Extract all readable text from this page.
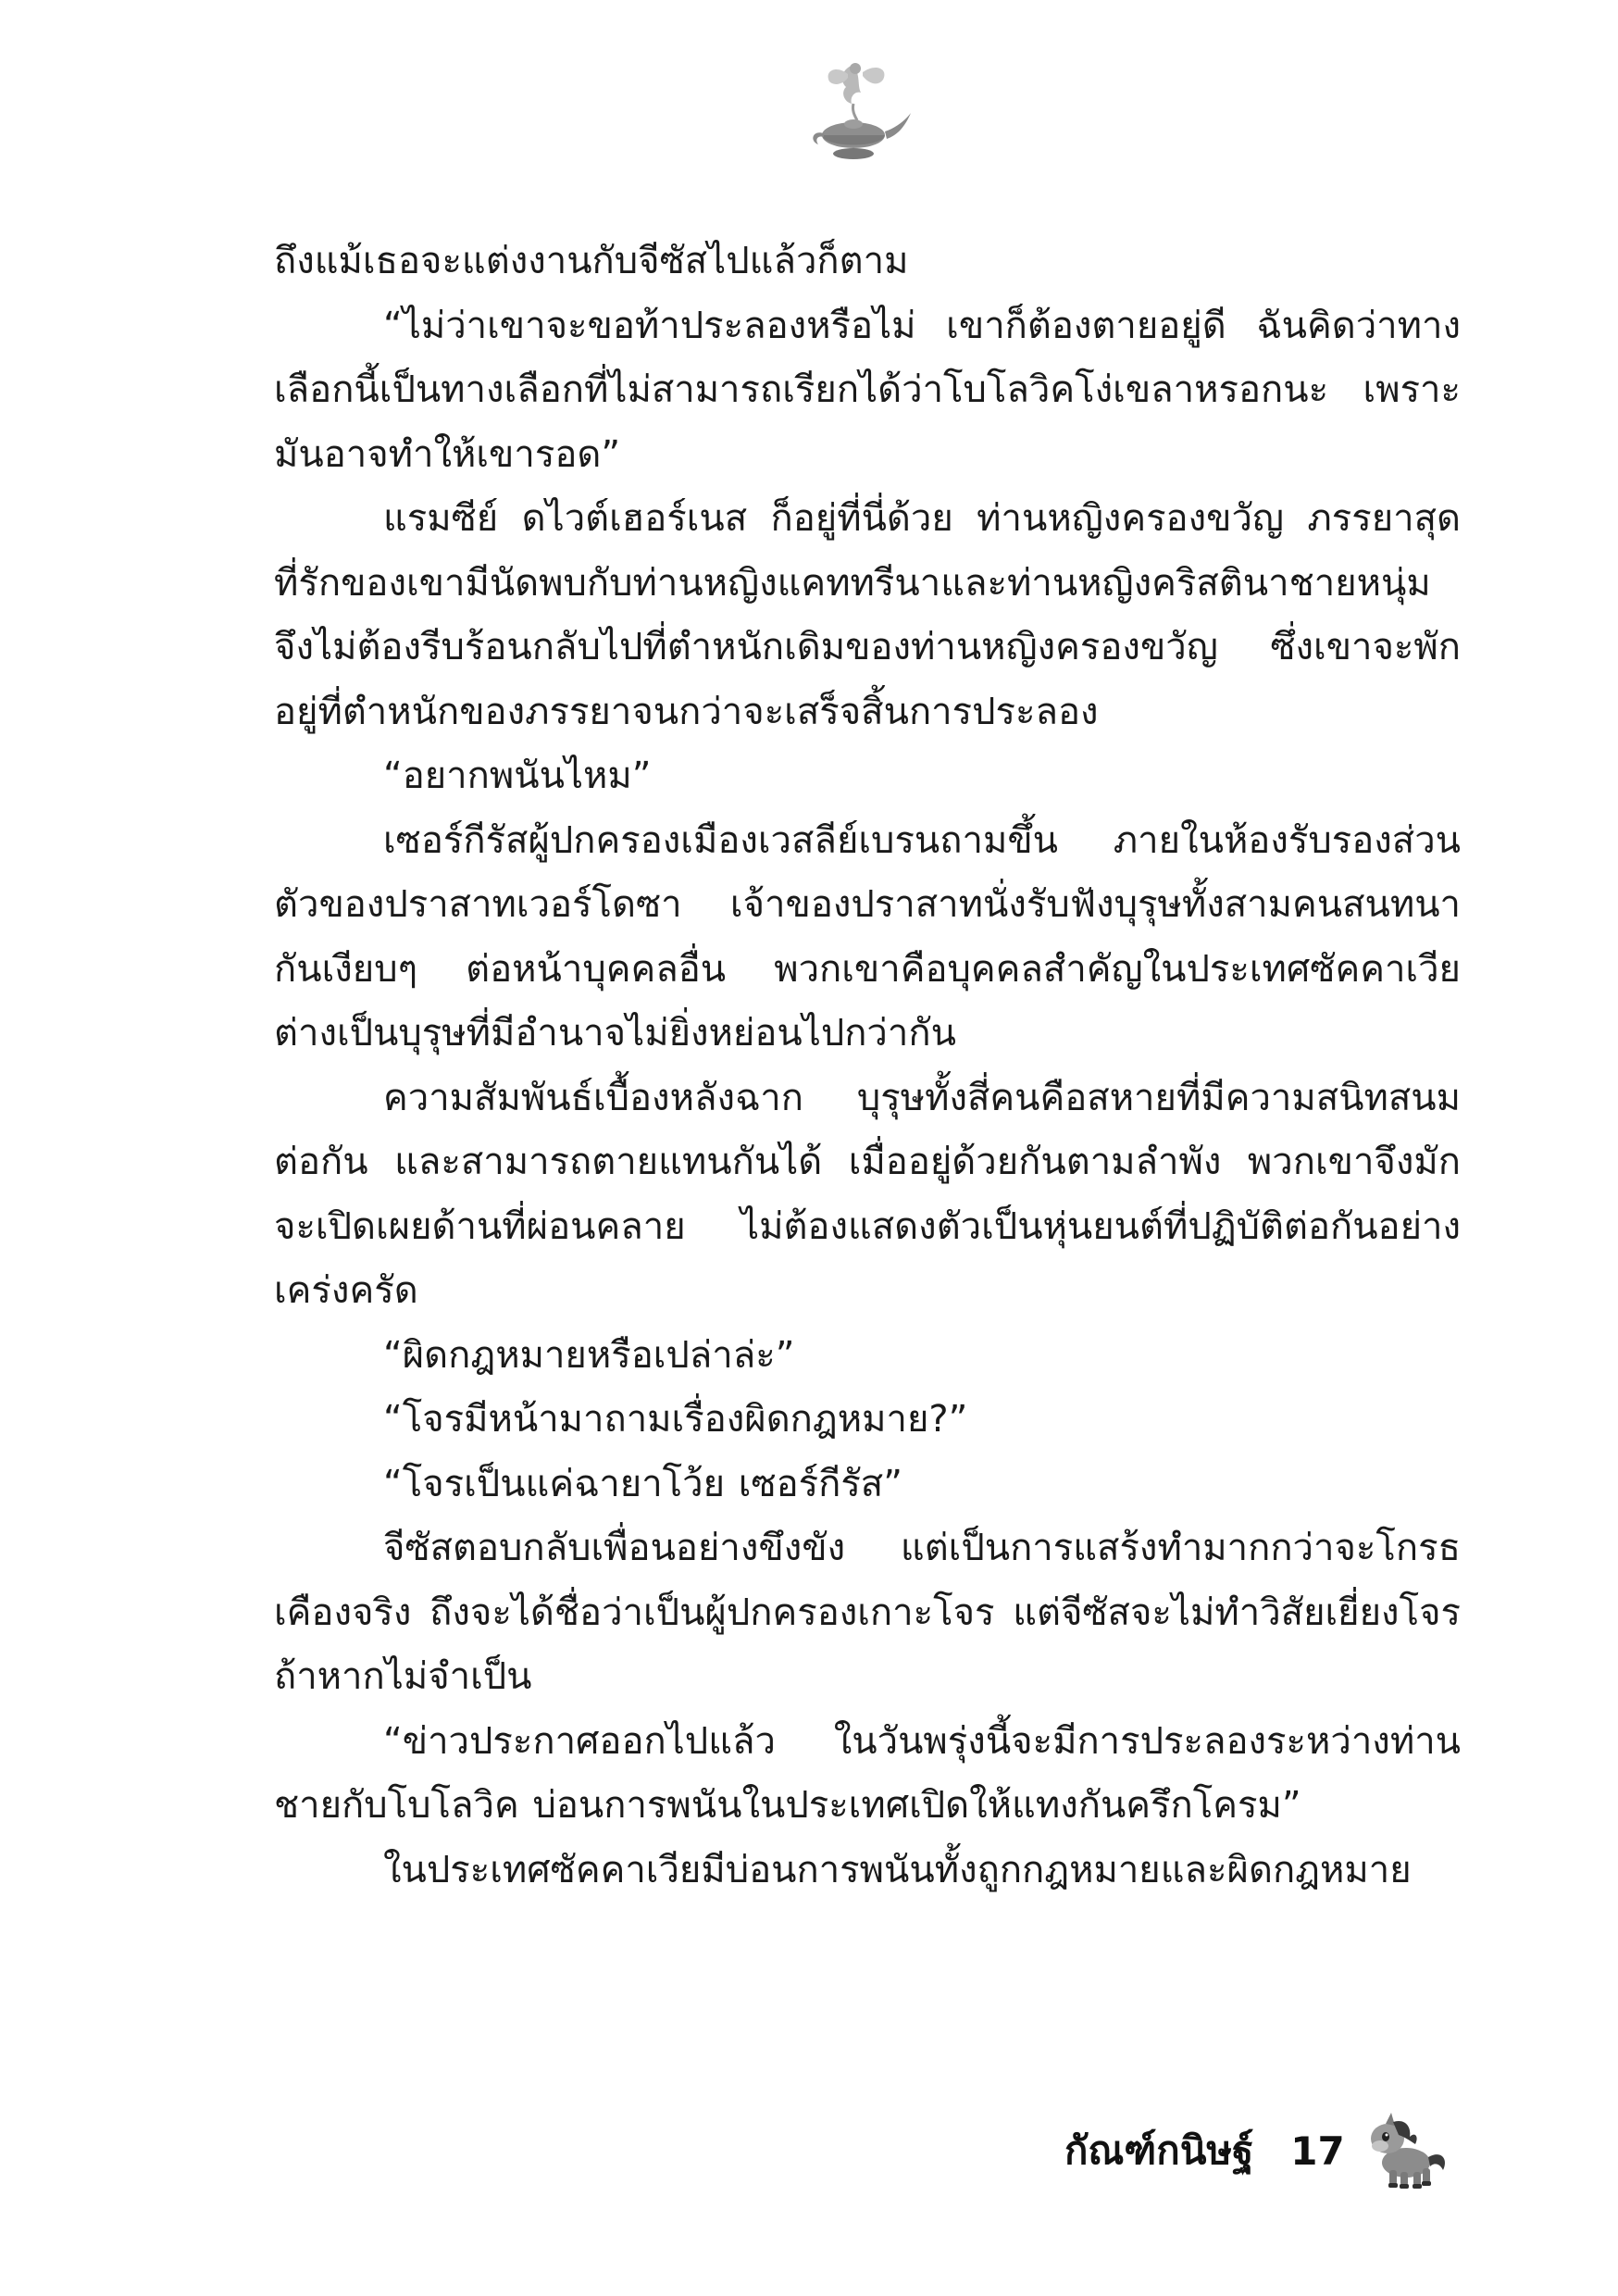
ถึงแม้เธอจะแต่งงานกับจีซัสไปแล้วก็ตาม

“ไม่ว่าเขาจะขอท้าประลองหรือไม่ เขาก็ต้องตายอยู่ดี ฉันคิดว่าทางเลือกนี้เป็นทางเลือกที่ไม่สามารถเรียกได้ว่าโบโลวิคโง่เขลาหรอกนะ เพราะมันอาจทำให้เขารอด”

แรมซีย์ ดไวต์เฮอร์เนส ก็อยู่ที่นี่ด้วย ท่านหญิงครองขวัญ ภรรยาสุดที่รักของเขามีนัดพบกับท่านหญิงแคททรีนาและท่านหญิงคริสตินาชายหนุ่มจึงไม่ต้องรีบร้อนกลับไปที่ตำหนักเดิมของท่านหญิงครองขวัญ ซึ่งเขาจะพักอยู่ที่ตำหนักของภรรยาจนกว่าจะเสร็จสิ้นการประลอง

“อยากพนันไหม”

เซอร์กีรัสผู้ปกครองเมืองเวสลีย์เบรนถามขึ้น ภายในห้องรับรองส่วนตัวของปราสาทเวอร์โดซา เจ้าของปราสาทนั่งรับฟังบุรุษทั้งสามคนสนทนากันเงียบๆ ต่อหน้าบุคคลอื่น พวกเขาคือบุคคลสำคัญในประเทศซัคคาเวีย ต่างเป็นบุรุษที่มีอำนาจไม่ยิ่งหย่อนไปกว่ากัน

ความสัมพันธ์เบื้องหลังฉาก บุรุษทั้งสี่คนคือสหายที่มีความสนิทสนมต่อกัน และสามารถตายแทนกันได้ เมื่ออยู่ด้วยกันตามลำพัง พวกเขาจึงมักจะเปิดเผยด้านที่ผ่อนคลาย ไม่ต้องแสดงตัวเป็นหุ่นยนต์ที่ปฏิบัติต่อกันอย่างเคร่งครัด

“ผิดกฎหมายหรือเปล่าล่ะ”

“โจรมีหน้ามาถามเรื่องผิดกฎหมาย?”

“โจรเป็นแค่ฉายาโว้ย เซอร์กีรัส”

จีซัสตอบกลับเพื่อนอย่างขึงขัง แต่เป็นการแสร้งทำมากกว่าจะโกรธเคืองจริง ถึงจะได้ชื่อว่าเป็นผู้ปกครองเกาะโจร แต่จีซัสจะไม่ทำวิสัยเยี่ยงโจรถ้าหากไม่จำเป็น

“ข่าวประกาศออกไปแล้ว ในวันพรุ่งนี้จะมีการประลองระหว่างท่านชายกับโบโลวิค บ่อนการพนันในประเทศเปิดให้แทงกันครึกโครม”

ในประเทศซัคคาเวียมีบ่อนการพนันทั้งถูกกฎหมายและผิดกฎหมาย

กัณฑ์กนิษฐ์ 17
